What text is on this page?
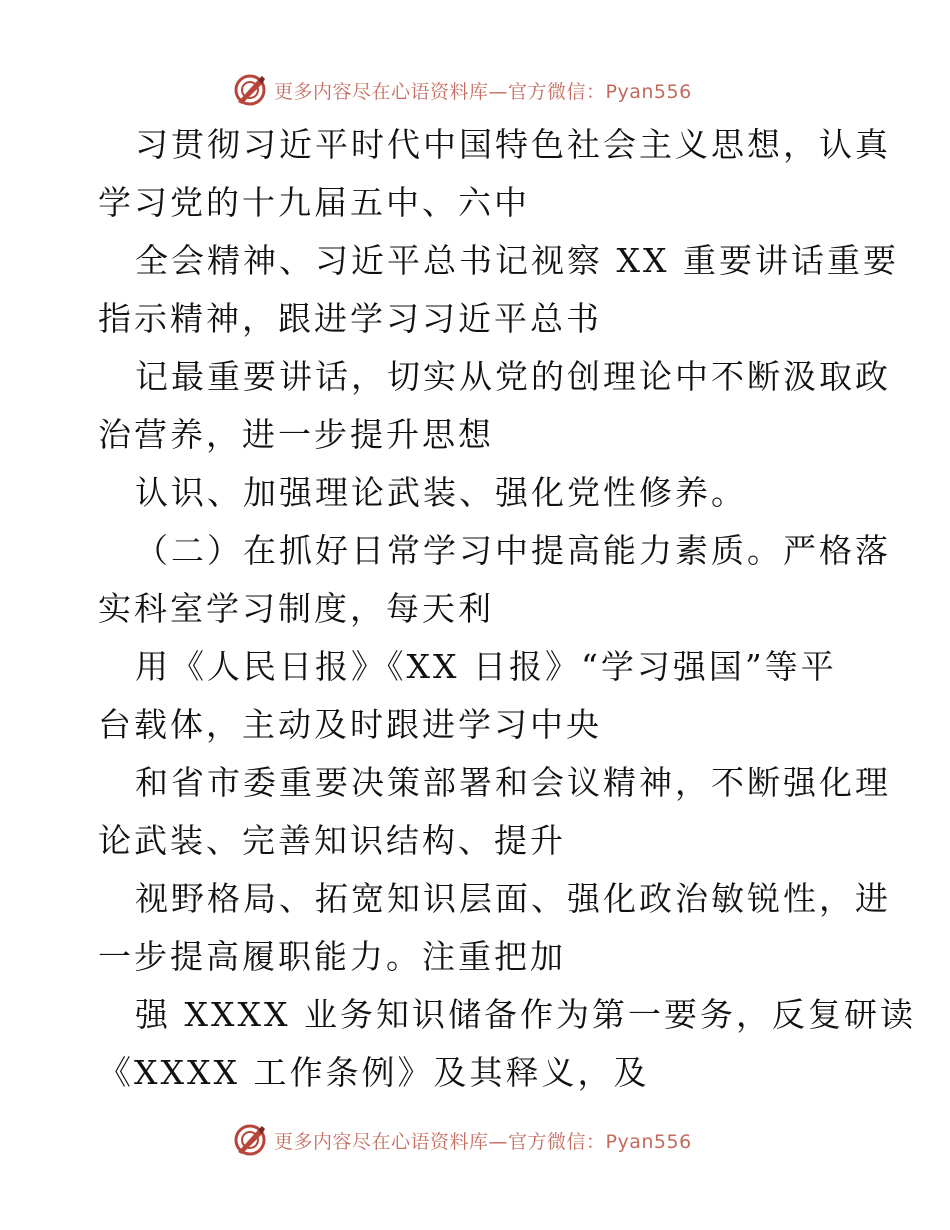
更多内容尽在心语资料库—官方微信：Pyan556
习贯彻习近平时代中国特色社会主义思想，认真
学习党的十九届五中、六中
全会精神、习近平总书记视察 XX 重要讲话重要
指示精神，跟进学习习近平总书
记最重要讲话，切实从党的创理论中不断汲取政
治营养，进一步提升思想
认识、加强理论武装、强化党性修养。
（二）在抓好日常学习中提高能力素质。严格落
实科室学习制度，每天利
用《人民日报》《XX 日报》“学习强国”等平
台载体，主动及时跟进学习中央
和省市委重要决策部署和会议精神，不断强化理
论武装、完善知识结构、提升
视野格局、拓宽知识层面、强化政治敏锐性，进
一步提高履职能力。注重把加
强 XXXX 业务知识储备作为第一要务，反复研读
《XXXX 工作条例》及其释义，及
更多内容尽在心语资料库—官方微信：Pyan556
